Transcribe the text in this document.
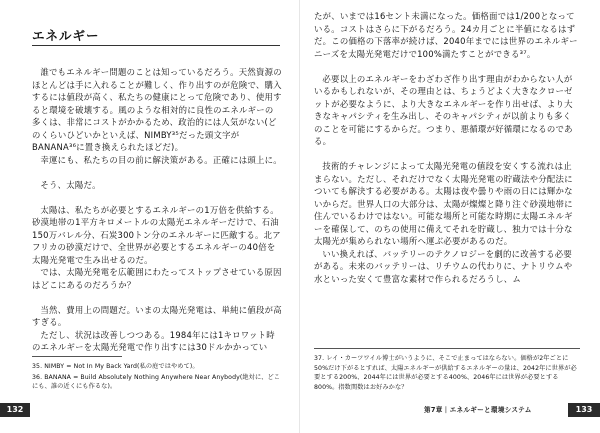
エネルギー

誰でもエネルギー問題のことは知っているだろう。天然資源のほとんどは手に入れることが難しく、作り出すのが危険で、購入するには値段が高く、私たちの健康にとって危険であり、使用すると環境を破壊する。風のような相対的に良性のエネルギーの多くは、非常にコストがかかるため、政治的には人気がない(どのくらいひどいかといえば、NIMBY³⁵だった頭文字がBANANA³⁶に置き換えられたほどだ)。

幸運にも、私たちの目の前に解決策がある。正確には頭上に。

そう、太陽だ。

太陽は、私たちが必要とするエネルギーの1万倍を供給する。砂漠地帯の1平方キロメートルの太陽光エネルギーだけで、石油150万バレル分、石炭300トン分のエネルギーに匹敵する。北アフリカの砂漠だけで、全世界が必要とするエネルギーの40倍を太陽光発電で生み出せるのだ。

では、太陽光発電を広範囲にわたってストップさせている原因はどこにあるのだろうか？

当然、費用上の問題だ。いまの太陽光発電は、単純に値段が高すぎる。

ただし、状況は改善しつつある。1984年には1キロワット時のエネルギーを太陽光発電で作り出すには30ドルかかってい

35. NIMBY = Not In My Back Yard(私の庭ではやめて)。
36. BANANA = Build Absolutely Nothing Anywhere Near Anybody(絶対に、どこにも、誰の近くにも作るな)。
132

たが、いまでは16セント未満になった。価格面では1/200となっている。コストはさらに下がるだろう。24カ月ごとに半値になるはずだ。この価格の下落率が続けば、2040年までには世界のエネルギーニーズを太陽光発電だけで100%満たすことができる³⁷。

必要以上のエネルギーをわざわざ作り出す理由がわからない人がいるかもしれないが、その理由とは、ちょうどよく大きなクローゼットが必要なように、より大きなエネルギーを作り出せば、より大きなキャパシティを生み出し、そのキャパシティが以前よりも多くのことを可能にするからだ。つまり、悪循環が好循環になるのである。

技術的チャレンジによって太陽光発電の値段を安くする流れは止まらない。ただし、それだけでなく太陽光発電の貯蔵法や分配法についても解決する必要がある。太陽は夜や曇りや雨の日には輝かないからだ。世界人口の大部分は、太陽が燦燦と降り注ぐ砂漠地帯に住んでいるわけではない。可能な場所と可能な時期に太陽エネルギーを確保して、のちの使用に備えてそれを貯蔵し、独力では十分な太陽光が集められない場所へ運ぶ必要があるのだ。

いい換えれば、バッテリーのテクノロジーを劇的に改善する必要がある。未来のバッテリーは、リチウムの代わりに、ナトリウムや水といった安くて豊富な素材で作られるだろうし、ム

37. レイ・カーツワイル博士がいうように、そこで止まってはならない。価格が2年ごとに50%だけ下がるとすれば、太陽エネルギーが供給するエネルギーの量は、2042年に世界が必要とする200%、2044年には世界が必要とする400%、2046年には世界が必要とする800%。指数関数はお好みかな？
第7章｜エネルギーと環境システム	133
